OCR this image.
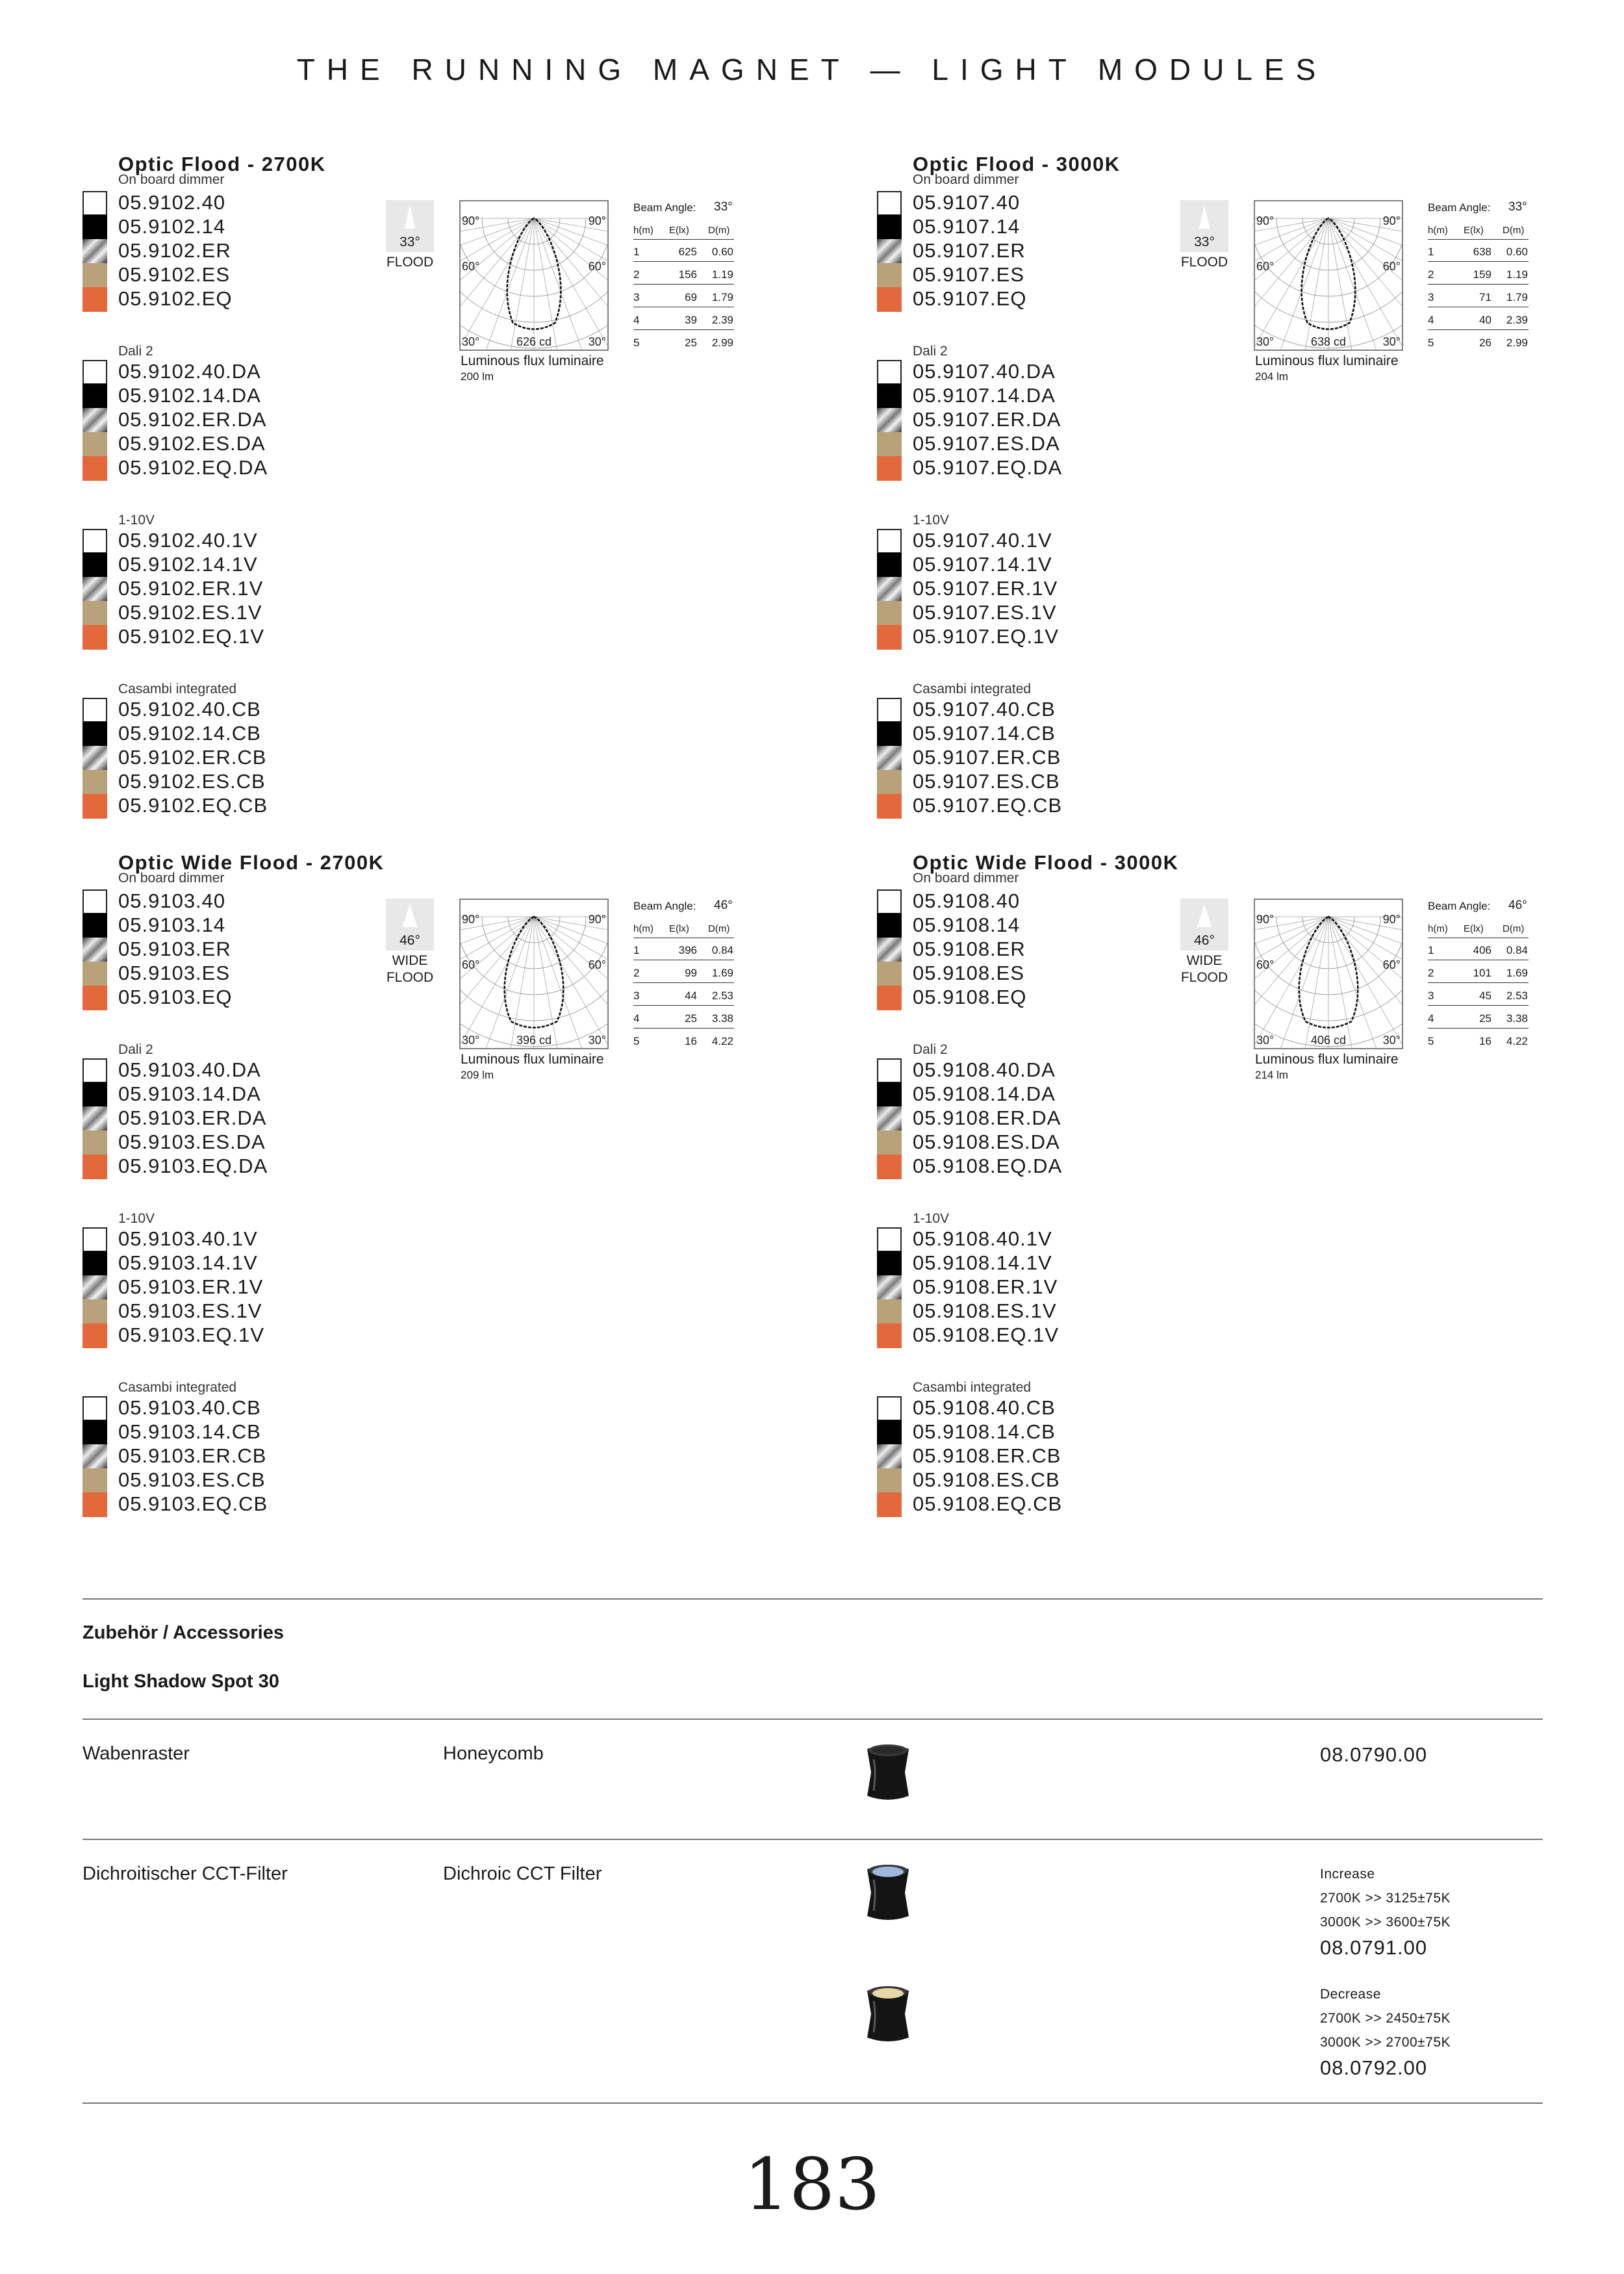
THE RUNNING MAGNET — LIGHT MODULES
Optic Flood - 2700K
On board dimmer
05.9102.40
05.9102.14
05.9102.ER
05.9102.ES
05.9102.EQ
Dali 2
05.9102.40.DA
05.9102.14.DA
05.9102.ER.DA
05.9102.ES.DA
05.9102.EQ.DA
1-10V
05.9102.40.1V
05.9102.14.1V
05.9102.ER.1V
05.9102.ES.1V
05.9102.EQ.1V
Casambi integrated
05.9102.40.CB
05.9102.14.CB
05.9102.ER.CB
05.9102.ES.CB
05.9102.EQ.CB
33°
FLOOD
90°	90°
60°	60°
30°	30°
626 cd
Luminous flux luminaire
200 lm
Beam Angle: 33°
h(m) E(lx) D(m)
1	625 0.60
2	156 1.19
3	69 1.79
4	39 2.39
5	25 2.99
Optic Flood - 3000K
On board dimmer
05.9107.40
05.9107.14
05.9107.ER
05.9107.ES
05.9107.EQ
Dali 2
05.9107.40.DA
05.9107.14.DA
05.9107.ER.DA
05.9107.ES.DA
05.9107.EQ.DA
1-10V
05.9107.40.1V
05.9107.14.1V
05.9107.ER.1V
05.9107.ES.1V
05.9107.EQ.1V
Casambi integrated
05.9107.40.CB
05.9107.14.CB
05.9107.ER.CB
05.9107.ES.CB
05.9107.EQ.CB
33°
FLOOD
90°	90°
60°	60°
30°	30°
638 cd
Luminous flux luminaire
204 lm
Beam Angle: 33°
h(m) E(lx) D(m)
1	638 0.60
2	159 1.19
3	71 1.79
4	40 2.39
5	26 2.99
Optic Wide Flood - 2700K
On board dimmer
05.9103.40
05.9103.14
05.9103.ER
05.9103.ES
05.9103.EQ
Dali 2
05.9103.40.DA
05.9103.14.DA
05.9103.ER.DA
05.9103.ES.DA
05.9103.EQ.DA
1-10V
05.9103.40.1V
05.9103.14.1V
05.9103.ER.1V
05.9103.ES.1V
05.9103.EQ.1V
Casambi integrated
05.9103.40.CB
05.9103.14.CB
05.9103.ER.CB
05.9103.ES.CB
05.9103.EQ.CB
46°
WIDE
FLOOD
90°	90°
60°	60°
30°	30°
396 cd
Luminous flux luminaire
209 lm
Beam Angle: 46°
h(m) E(lx) D(m)
1	396 0.84
2	99 1.69
3	44 2.53
4	25 3.38
5	16 4.22
Optic Wide Flood - 3000K
On board dimmer
05.9108.40
05.9108.14
05.9108.ER
05.9108.ES
05.9108.EQ
Dali 2
05.9108.40.DA
05.9108.14.DA
05.9108.ER.DA
05.9108.ES.DA
05.9108.EQ.DA
1-10V
05.9108.40.1V
05.9108.14.1V
05.9108.ER.1V
05.9108.ES.1V
05.9108.EQ.1V
Casambi integrated
05.9108.40.CB
05.9108.14.CB
05.9108.ER.CB
05.9108.ES.CB
05.9108.EQ.CB
46°
WIDE
FLOOD
90°	90°
60°	60°
30°	30°
406 cd
Luminous flux luminaire
214 lm
Beam Angle: 46°
h(m) E(lx) D(m)
1	406 0.84
2	101 1.69
3	45 2.53
4	25 3.38
5	16 4.22
Zubehör / Accessories
Light Shadow Spot 30
Wabenraster	Honeycomb	08.0790.00
Dichroitischer CCT-Filter	Dichroic CCT Filter	Increase
2700K >> 3125±75K
3000K >> 3600±75K
08.0791.00
Decrease
2700K >> 2450±75K
3000K >> 2700±75K
08.0792.00
183
